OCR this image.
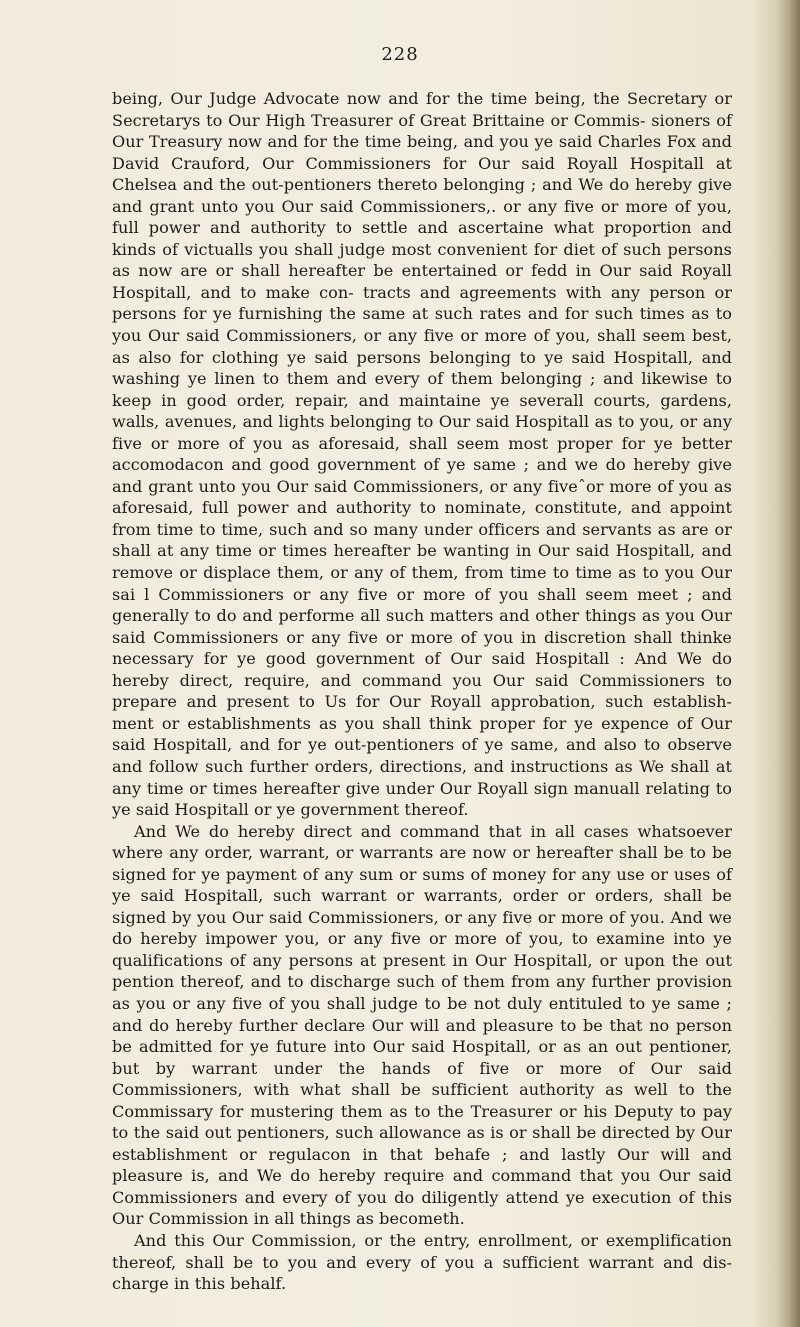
228

being, Our Judge Advocate now and for the time being, the Secretary or Secretarys to Our High Treasurer of Great Brittaine or Commis- sioners of Our Treasury now and for the time being, and you ye said Charles Fox and David Crauford, Our Commissioners for Our said Royall Hospitall at Chelsea and the out-pentioners thereto belonging ; and We do hereby give and grant unto you Our said Commissioners,. or any five or more of you, full power and authority to settle and ascertaine what proportion and kinds of victualls you shall judge most convenient for diet of such persons as now are or shall hereafter be entertained or fedd in Our said Royall Hospitall, and to make con- tracts and agreements with any person or persons for ye furnishing the same at such rates and for such times as to you Our said Commissioners, or any five or more of you, shall seem best, as also for clothing ye said persons belonging to ye said Hospitall, and washing ye linen to them and every of them belonging ; and likewise to keep in good order, repair, and maintaine ye severall courts, gardens, walls, avenues, and lights belonging to Our said Hospitall as to you, or any five or more of you as aforesaid, shall seem most proper for ye better accomodacon and good government of ye same ; and we do hereby give and grant unto you Our said Commissioners, or any fiveˆor more of you as aforesaid, full power and authority to nominate, constitute, and appoint from time to time, such and so many under officers and servants as are or shall at any time or times hereafter be wanting in Our said Hospitall, and remove or displace them, or any of them, from time to time as to you Our sai l Commissioners or any five or more of you shall seem meet ; and generally to do and performe all such matters and other things as you Our said Commissioners or any five or more of you in discretion shall thinke necessary for ye good government of Our said Hospitall : And We do hereby direct, require, and command you Our said Commissioners to prepare and present to Us for Our Royall approbation, such establish- ment or establishments as you shall think proper for ye expence of Our said Hospitall, and for ye out-pentioners of ye same, and also to observe and follow such further orders, directions, and instructions as We shall at any time or times hereafter give under Our Royall sign manuall relating to ye said Hospitall or ye government thereof.

And We do hereby direct and command that in all cases whatsoever where any order, warrant, or warrants are now or hereafter shall be to be signed for ye payment of any sum or sums of money for any use or uses of ye said Hospitall, such warrant or warrants, order or orders, shall be signed by you Our said Commissioners, or any five or more of you. And we do hereby impower you, or any five or more of you, to examine into ye qualifications of any persons at present in Our Hospitall, or upon the out pention thereof, and to discharge such of them from any further provision as you or any five of you shall judge to be not duly entituled to ye same ; and do hereby further declare Our will and pleasure to be that no person be admitted for ye future into Our said Hospitall, or as an out pentioner, but by warrant under the hands of five or more of Our said Commissioners, with what shall be sufficient authority as well to the Commissary for mustering them as to the Treasurer or his Deputy to pay to the said out pentioners, such allowance as is or shall be directed by Our establishment or regulacon in that behafe ; and lastly Our will and pleasure is, and We do hereby require and command that you Our said Commissioners and every of you do diligently attend ye execution of this Our Commission in all things as becometh.

And this Our Commission, or the entry, enrollment, or exemplification thereof, shall be to you and every of you a sufficient warrant and dis- charge in this behalf.
